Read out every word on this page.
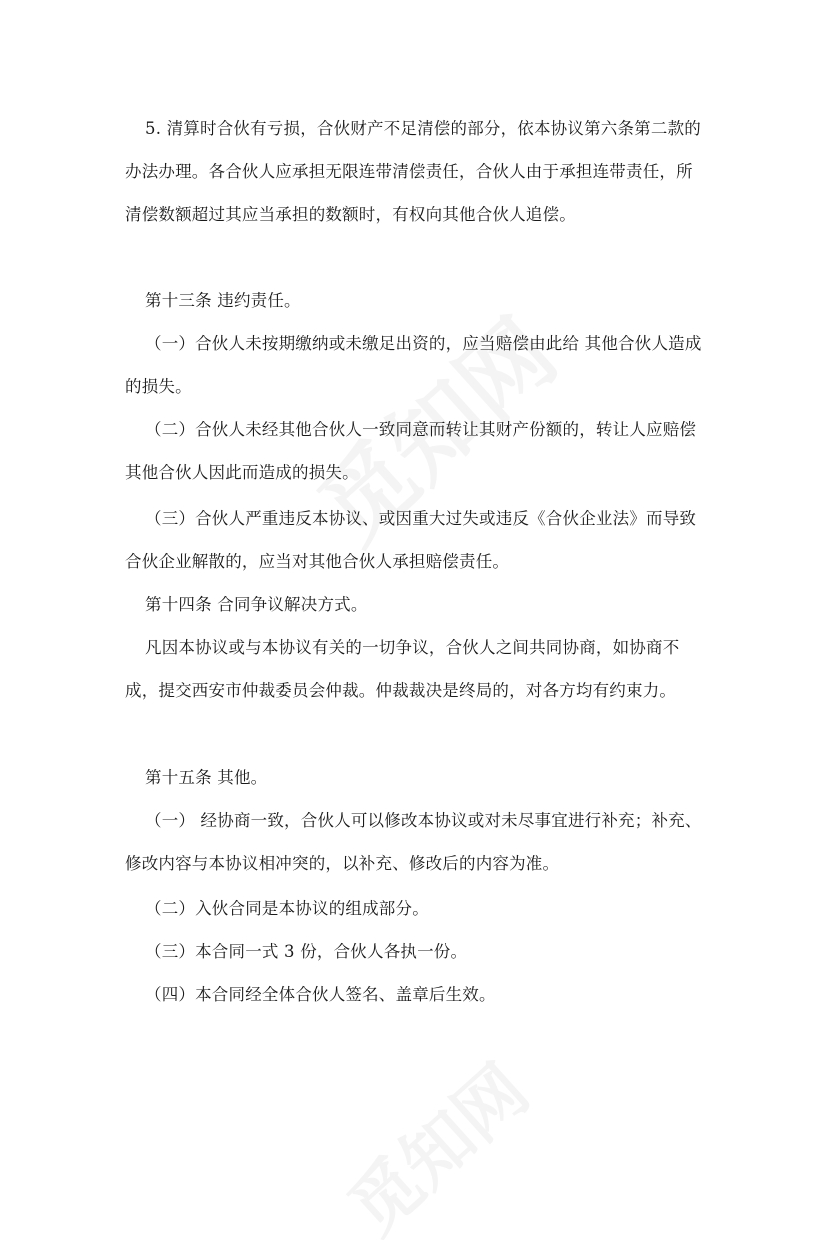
5. 清算时合伙有亏损，合伙财产不足清偿的部分，依本协议第六条第二款的
办法办理。各合伙人应承担无限连带清偿责任，合伙人由于承担连带责任，所
清偿数额超过其应当承担的数额时，有权向其他合伙人追偿。
第十三条 违约责任。
（一）合伙人未按期缴纳或未缴足出资的，应当赔偿由此给 其他合伙人造成
的损失。
（二）合伙人未经其他合伙人一致同意而转让其财产份额的，转让人应赔偿
其他合伙人因此而造成的损失。
（三）合伙人严重违反本协议、或因重大过失或违反《合伙企业法》而导致
合伙企业解散的，应当对其他合伙人承担赔偿责任。
第十四条 合同争议解决方式。
凡因本协议或与本协议有关的一切争议，合伙人之间共同协商，如协商不
成，提交西安市仲裁委员会仲裁。仲裁裁决是终局的，对各方均有约束力。
第十五条 其他。
（一） 经协商一致，合伙人可以修改本协议或对未尽事宜进行补充；补充、
修改内容与本协议相冲突的，以补充、修改后的内容为准。
（二）入伙合同是本协议的组成部分。
（三）本合同一式 3 份，合伙人各执一份。
（四）本合同经全体合伙人签名、盖章后生效。
